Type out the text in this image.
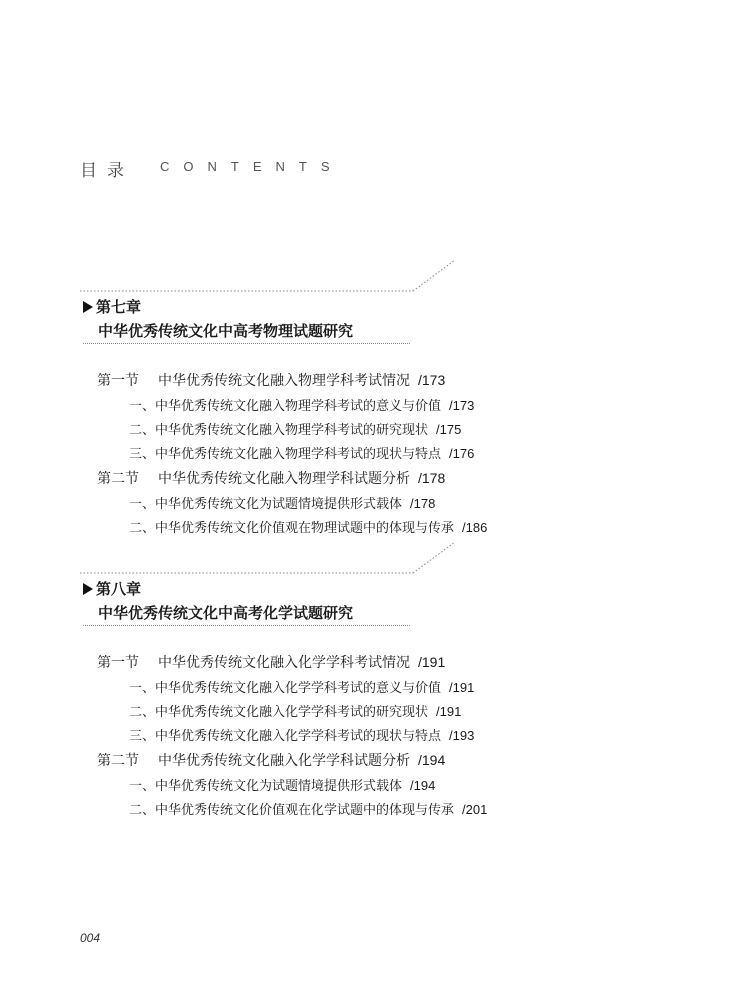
目录 CONTENTS
第七章
中华优秀传统文化中高考物理试题研究
第一节 中华优秀传统文化融入物理学科考试情况 /173
一、中华优秀传统文化融入物理学科考试的意义与价值 /173
二、中华优秀传统文化融入物理学科考试的研究现状 /175
三、中华优秀传统文化融入物理学科考试的现状与特点 /176
第二节 中华优秀传统文化融入物理学科试题分析 /178
一、中华优秀传统文化为试题情境提供形式载体 /178
二、中华优秀传统文化价值观在物理试题中的体现与传承 /186
第八章
中华优秀传统文化中高考化学试题研究
第一节 中华优秀传统文化融入化学学科考试情况 /191
一、中华优秀传统文化融入化学学科考试的意义与价值 /191
二、中华优秀传统文化融入化学学科考试的研究现状 /191
三、中华优秀传统文化融入化学学科考试的现状与特点 /193
第二节 中华优秀传统文化融入化学学科试题分析 /194
一、中华优秀传统文化为试题情境提供形式载体 /194
二、中华优秀传统文化价值观在化学试题中的体现与传承 /201
004
